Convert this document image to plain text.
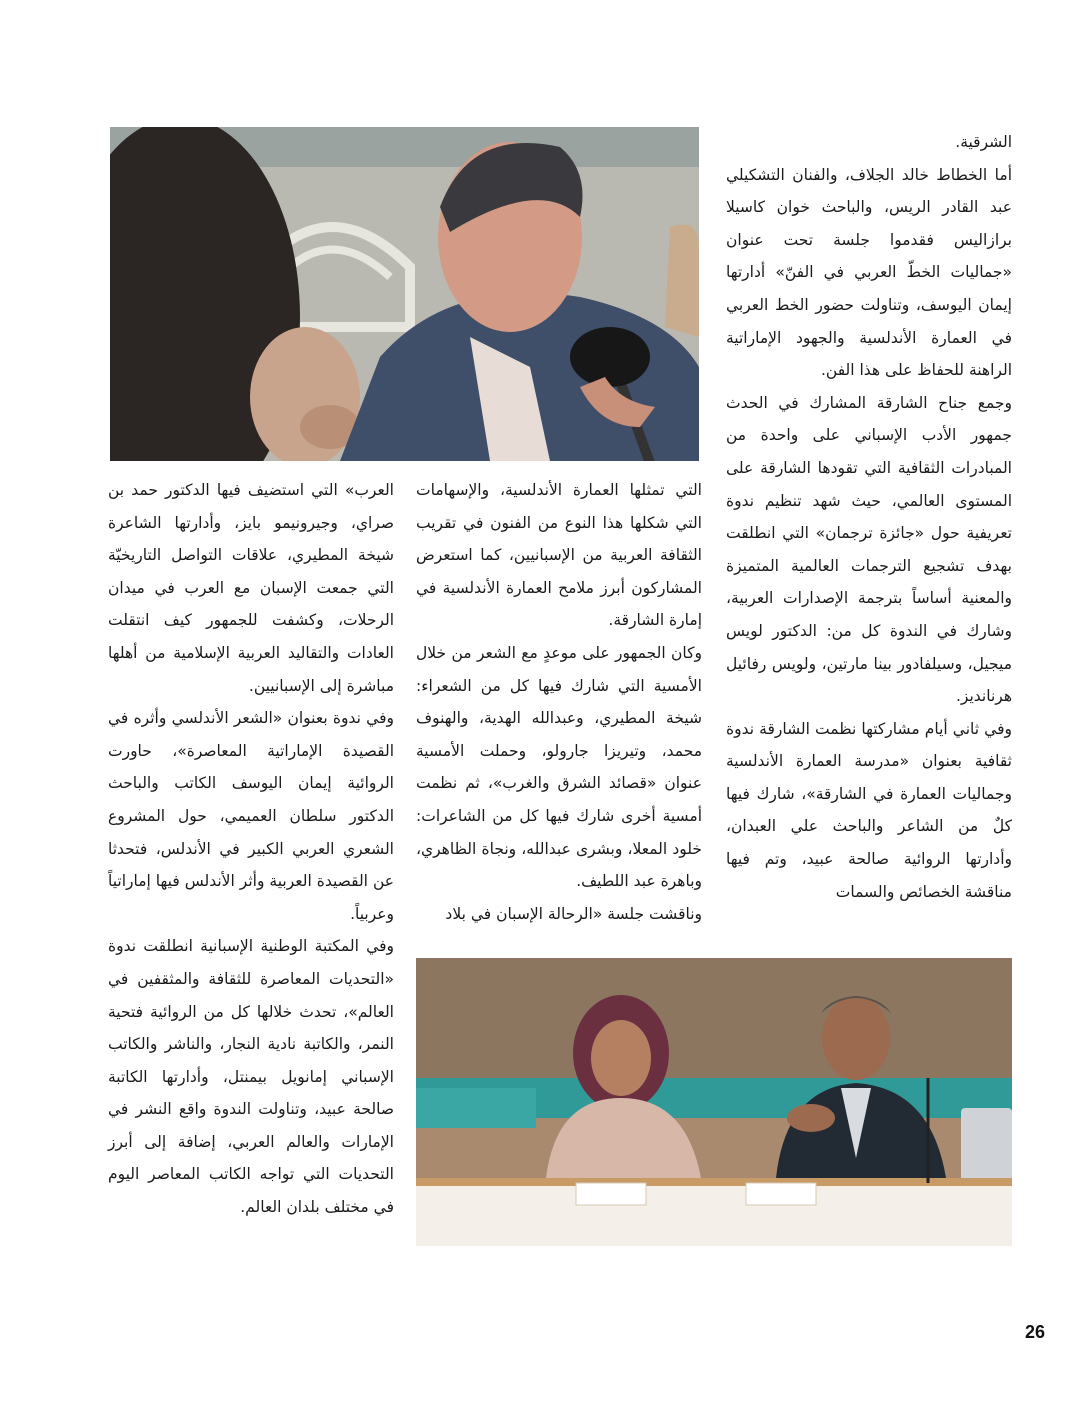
الشرقية.

أما الخطاط خالد الجلاف، والفنان التشكيلي عبد القادر الريس، والباحث خوان كاسيلا برازاليس فقدموا جلسة تحت عنوان «جماليات الخطّ العربي في الفنّ» أدارتها إيمان اليوسف، وتناولت حضور الخط العربي في العمارة الأندلسية والجهود الإماراتية الراهنة للحفاظ على هذا الفن.

وجمع جناح الشارقة المشارك في الحدث جمهور الأدب الإسباني على واحدة من المبادرات الثقافية التي تقودها الشارقة على المستوى العالمي، حيث شهد تنظيم ندوة تعريفية حول «جائزة ترجمان» التي انطلقت بهدف تشجيع الترجمات العالمية المتميزة والمعنية أساساً بترجمة الإصدارات العربية، وشارك في الندوة كل من: الدكتور لويس ميجيل، وسيلفادور بينا مارتين، ولويس رفائيل هرنانديز.

وفي ثاني أيام مشاركتها نظمت الشارقة ندوة ثقافية بعنوان «مدرسة العمارة الأندلسية وجماليات العمارة في الشارقة»، شارك فيها كلٌ من الشاعر والباحث علي العبدان، وأدارتها الروائية صالحة عبيد، وتم فيها مناقشة الخصائص والسمات

التي تمثلها العمارة الأندلسية، والإسهامات التي شكلها هذا النوع من الفنون في تقريب الثقافة العربية من الإسبانيين، كما استعرض المشاركون أبرز ملامح العمارة الأندلسية في إمارة الشارقة.

وكان الجمهور على موعدٍ مع الشعر من خلال الأمسية التي شارك فيها كل من الشعراء: شيخة المطيري، وعبدالله الهدية، والهنوف محمد، وتيريزا جارولو، وحملت الأمسية عنوان «قصائد الشرق والغرب»، ثم نظمت أمسية أخرى شارك فيها كل من الشاعرات: خلود المعلا، وبشرى عبدالله، ونجاة الظاهري، وباهرة عبد اللطيف.

وناقشت جلسة «الرحالة الإسبان في بلاد

العرب» التي استضيف فيها الدكتور حمد بن صراي، وجيرونيمو بايز، وأدارتها الشاعرة شيخة المطيري، علاقات التواصل التاريخيّة التي جمعت الإسبان مع العرب في ميدان الرحلات، وكشفت للجمهور كيف انتقلت العادات والتقاليد العربية الإسلامية من أهلها مباشرة إلى الإسبانيين.

وفي ندوة بعنوان «الشعر الأندلسي وأثره في القصيدة الإماراتية المعاصرة»، حاورت الروائية إيمان اليوسف الكاتب والباحث الدكتور سلطان العميمي، حول المشروع الشعري العربي الكبير في الأندلس، فتحدثا عن القصيدة العربية وأثر الأندلس فيها إماراتياً وعربياً.

وفي المكتبة الوطنية الإسبانية انطلقت ندوة «التحديات المعاصرة للثقافة والمثقفين في العالم»، تحدث خلالها كل من الروائية فتحية النمر، والكاتبة نادية النجار، والناشر والكاتب الإسباني إمانويل بيمنتل، وأدارتها الكاتبة صالحة عبيد، وتناولت الندوة واقع النشر في الإمارات والعالم العربي، إضافة إلى أبرز التحديات التي تواجه الكاتب المعاصر اليوم في مختلف بلدان العالم.

26
